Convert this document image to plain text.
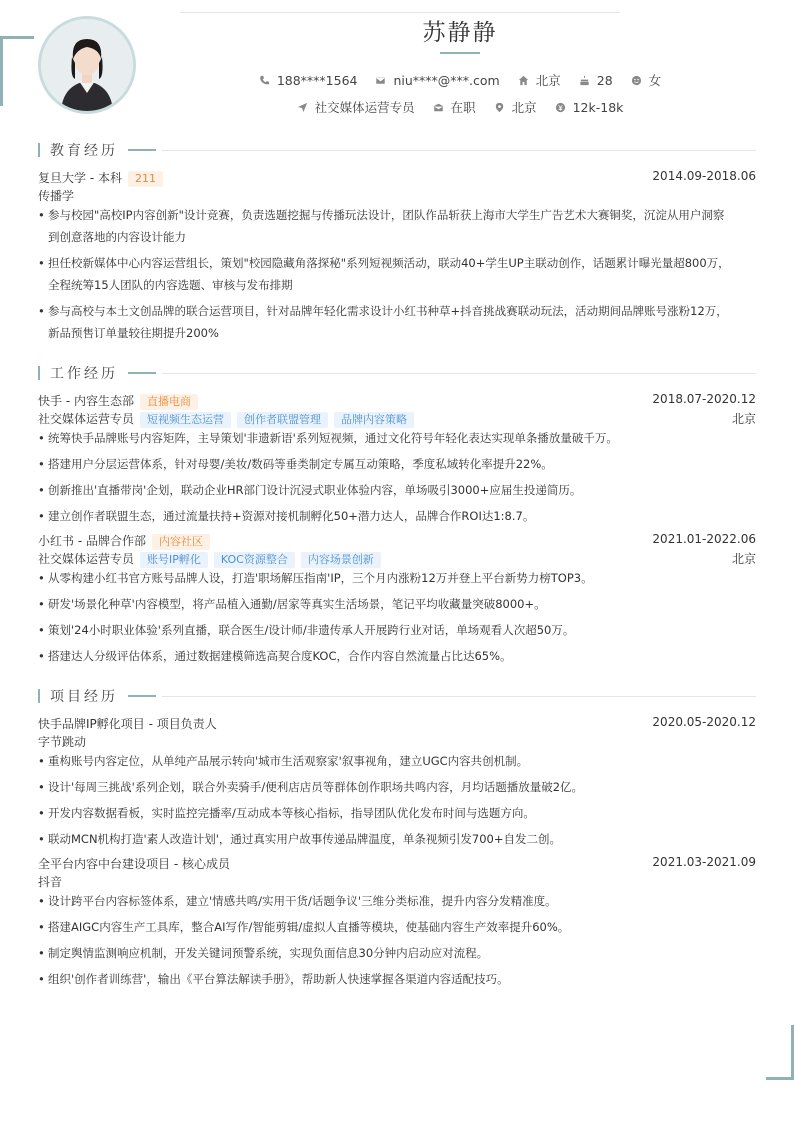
苏静静
188****1564	niu****@***.com	北京	28	女
社交媒体运营专员	在职	北京	12k-18k
教育经历
复旦大学 - 本科 211	2014.09-2018.06
传播学
• 参与校园"高校IP内容创新"设计竞赛，负责选题挖掘与传播玩法设计，团队作品斩获上海市大学生广告艺术大赛铜奖，沉淀从用户洞察
到创意落地的内容设计能力
• 担任校新媒体中心内容运营组长，策划"校园隐藏角落探秘"系列短视频活动，联动40+学生UP主联动创作，话题累计曝光量超800万，
全程统筹15人团队的内容选题、审核与发布排期
• 参与高校与本土文创品牌的联合运营项目，针对品牌年轻化需求设计小红书种草+抖音挑战赛联动玩法，活动期间品牌账号涨粉12万，
新品预售订单量较往期提升200%
工作经历
快手 - 内容生态部 直播电商	2018.07-2020.12
社交媒体运营专员 短视频生态运营 创作者联盟管理 品牌内容策略	北京
• 统筹快手品牌账号内容矩阵，主导策划'非遗新语'系列短视频，通过文化符号年轻化表达实现单条播放量破千万。
• 搭建用户分层运营体系，针对母婴/美妆/数码等垂类制定专属互动策略，季度私域转化率提升22%。
• 创新推出'直播带岗'企划，联动企业HR部门设计沉浸式职业体验内容，单场吸引3000+应届生投递简历。
• 建立创作者联盟生态，通过流量扶持+资源对接机制孵化50+潜力达人，品牌合作ROI达1:8.7。
小红书 - 品牌合作部 内容社区	2021.01-2022.06
社交媒体运营专员 账号IP孵化 KOC资源整合 内容场景创新	北京
• 从零构建小红书官方账号品牌人设，打造'职场解压指南'IP，三个月内涨粉12万并登上平台新势力榜TOP3。
• 研发'场景化种草'内容模型，将产品植入通勤/居家等真实生活场景，笔记平均收藏量突破8000+。
• 策划'24小时职业体验'系列直播，联合医生/设计师/非遗传承人开展跨行业对话，单场观看人次超50万。
• 搭建达人分级评估体系，通过数据建模筛选高契合度KOC，合作内容自然流量占比达65%。
项目经历
快手品牌IP孵化项目 - 项目负责人	2020.05-2020.12
字节跳动
• 重构账号内容定位，从单纯产品展示转向'城市生活观察家'叙事视角，建立UGC内容共创机制。
• 设计'每周三挑战'系列企划，联合外卖骑手/便利店店员等群体创作职场共鸣内容，月均话题播放量破2亿。
• 开发内容数据看板，实时监控完播率/互动成本等核心指标，指导团队优化发布时间与选题方向。
• 联动MCN机构打造'素人改造计划'，通过真实用户故事传递品牌温度，单条视频引发700+自发二创。
全平台内容中台建设项目 - 核心成员	2021.03-2021.09
抖音
• 设计跨平台内容标签体系，建立'情感共鸣/实用干货/话题争议'三维分类标准，提升内容分发精准度。
• 搭建AIGC内容生产工具库，整合AI写作/智能剪辑/虚拟人直播等模块，使基础内容生产效率提升60%。
• 制定舆情监测响应机制，开发关键词预警系统，实现负面信息30分钟内启动应对流程。
• 组织'创作者训练营'，输出《平台算法解读手册》，帮助新人快速掌握各渠道内容适配技巧。
